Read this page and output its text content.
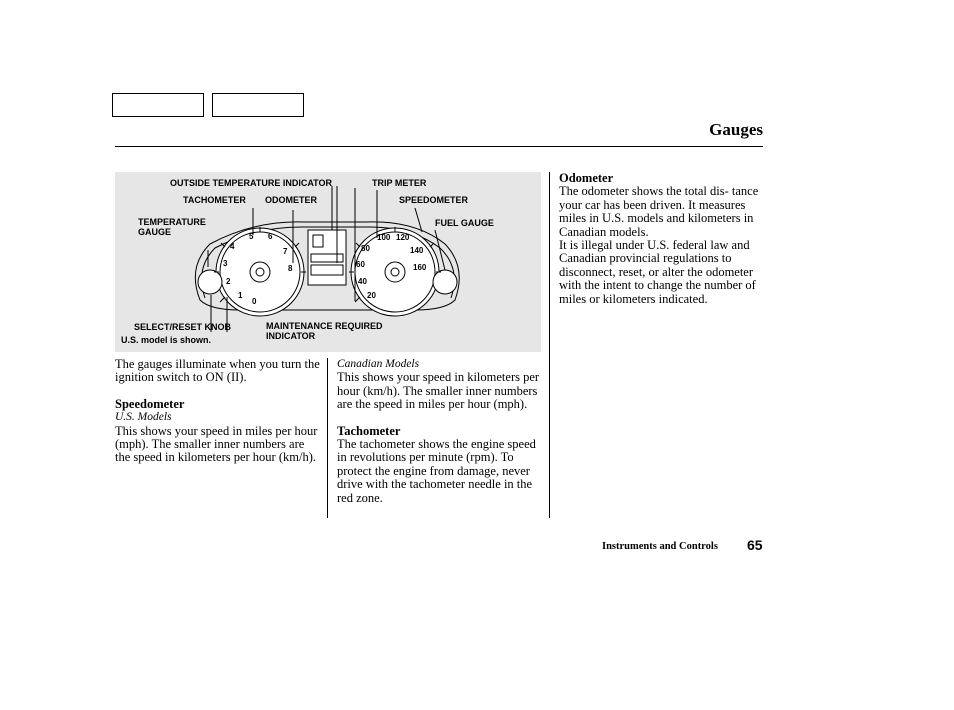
Gauges
0
1
2
3
4
5 6
7
8
20
40
60
80
100 120
140
160
OUTSIDE TEMPERATURE INDICATOR	TRIP METER
TACHOMETER ODOMETER	SPEEDOMETER
TEMPERATURE GAUGE
FUEL GAUGE
SELECT/RESET KNOB	MAINTENANCE REQUIRED INDICATOR
U.S. model is shown.

The gauges illuminate when you turn the ignition switch to ON (II).

Speedometer

U.S. Models

This shows your speed in miles per hour (mph). The smaller inner numbers are the speed in kilometers per hour (km/h).

Canadian Models

This shows your speed in kilometers per hour (km/h). The smaller inner numbers are the speed in miles per hour (mph).

Tachometer

The tachometer shows the engine speed in revolutions per minute (rpm). To protect the engine from damage, never drive with the tachometer needle in the red zone.

Odometer

The odometer shows the total dis- tance your car has been driven. It measures miles in U.S. models and kilometers in Canadian models.

It is illegal under U.S. federal law and Canadian provincial regulations to disconnect, reset, or alter the odometer with the intent to change the number of miles or kilometers indicated.

Instruments and Controls 65
